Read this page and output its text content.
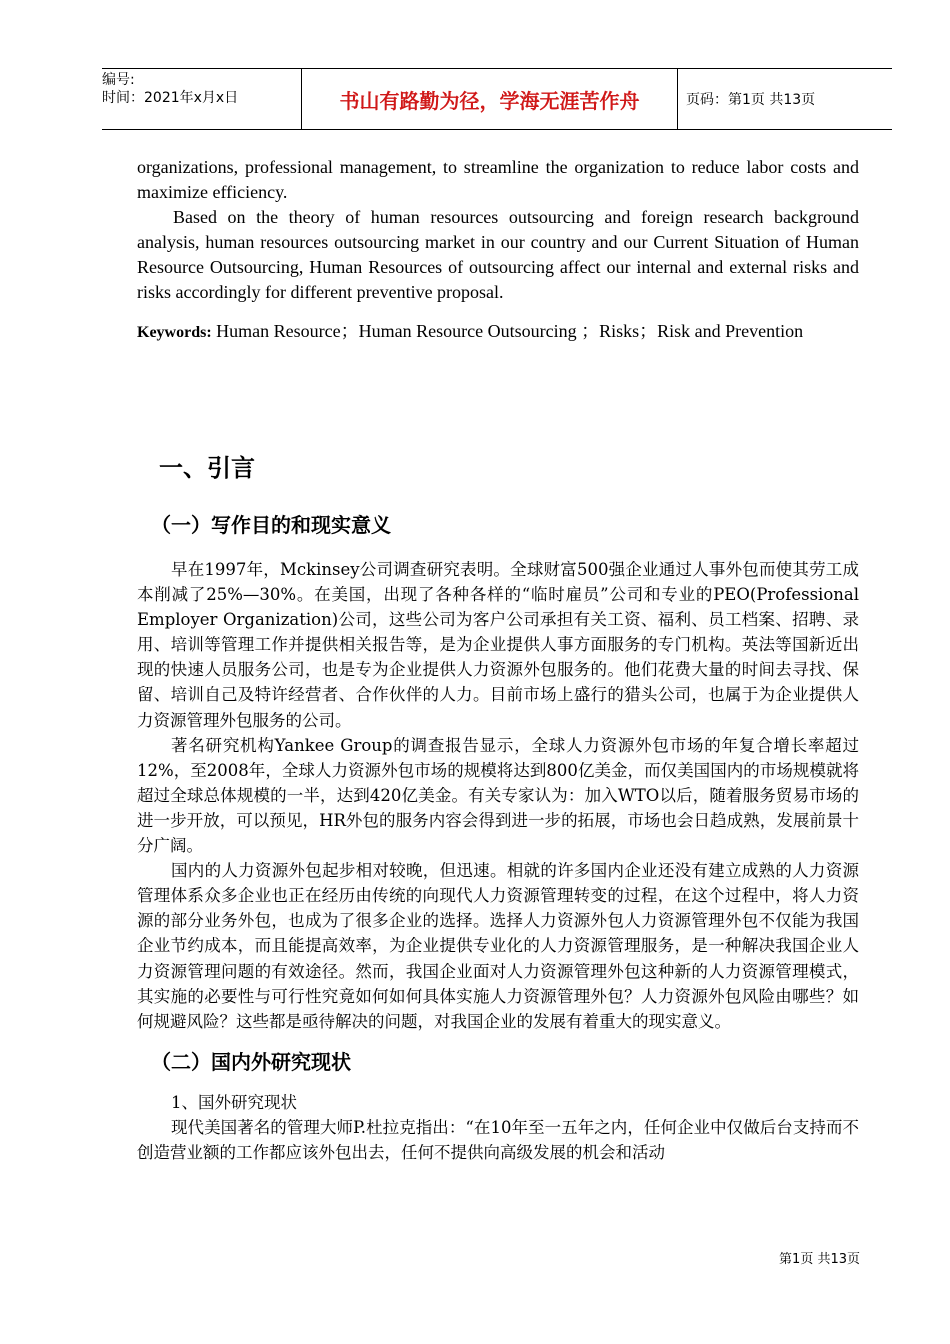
编号:
时间：2021年x月x日	书山有路勤为径，学海无涯苦作舟	页码：第1页 共13页

organizations, professional management, to streamline the organization to reduce labor costs and maximize efficiency.

Based on the theory of human resources outsourcing and foreign research background analysis, human resources outsourcing market in our country and our Current Situation of Human Resource Outsourcing, Human Resources of outsourcing affect our internal and external risks and risks accordingly for different preventive proposal.

Keywords: Human Resource；Human Resource Outsourcing ；Risks；Risk and Prevention

一、引言
（一）写作目的和现实意义

早在1997年，Mckinsey公司调查研究表明。全球财富500强企业通过人事外包而使其劳工成本削减了25%—30%。在美国，出现了各种各样的“临时雇员”公司和专业的PEO(Professional Employer Organization)公司，这些公司为客户公司承担有关工资、福利、员工档案、招聘、录用、培训等管理工作并提供相关报告等，是为企业提供人事方面服务的专门机构。英法等国新近出现的快速人员服务公司，也是专为企业提供人力资源外包服务的。他们花费大量的时间去寻找、保留、培训自己及特许经营者、合作伙伴的人力。目前市场上盛行的猎头公司，也属于为企业提供人力资源管理外包服务的公司。

著名研究机构Yankee Group的调查报告显示，全球人力资源外包市场的年复合增长率超过12%，至2008年，全球人力资源外包市场的规模将达到800亿美金，而仅美国国内的市场规模就将超过全球总体规模的一半，达到420亿美金。有关专家认为：加入WTO以后，随着服务贸易市场的进一步开放，可以预见，HR外包的服务内容会得到进一步的拓展，市场也会日趋成熟，发展前景十分广阔。

国内的人力资源外包起步相对较晚，但迅速。相就的许多国内企业还没有建立成熟的人力资源管理体系众多企业也正在经历由传统的向现代人力资源管理转变的过程，在这个过程中，将人力资源的部分业务外包，也成为了很多企业的选择。选择人力资源外包人力资源管理外包不仅能为我国企业节约成本，而且能提高效率，为企业提供专业化的人力资源管理服务，是一种解决我国企业人力资源管理问题的有效途径。然而，我国企业面对人力资源管理外包这种新的人力资源管理模式，其实施的必要性与可行性究竟如何如何具体实施人力资源管理外包？人力资源外包风险由哪些？如何规避风险？这些都是亟待解决的问题，对我国企业的发展有着重大的现实意义。

（二）国内外研究现状

1、国外研究现状

现代美国著名的管理大师P.杜拉克指出：“在10年至一五年之内，任何企业中仅做后台支持而不创造营业额的工作都应该外包出去，任何不提供向高级发展的机会和活动

第1页 共13页
